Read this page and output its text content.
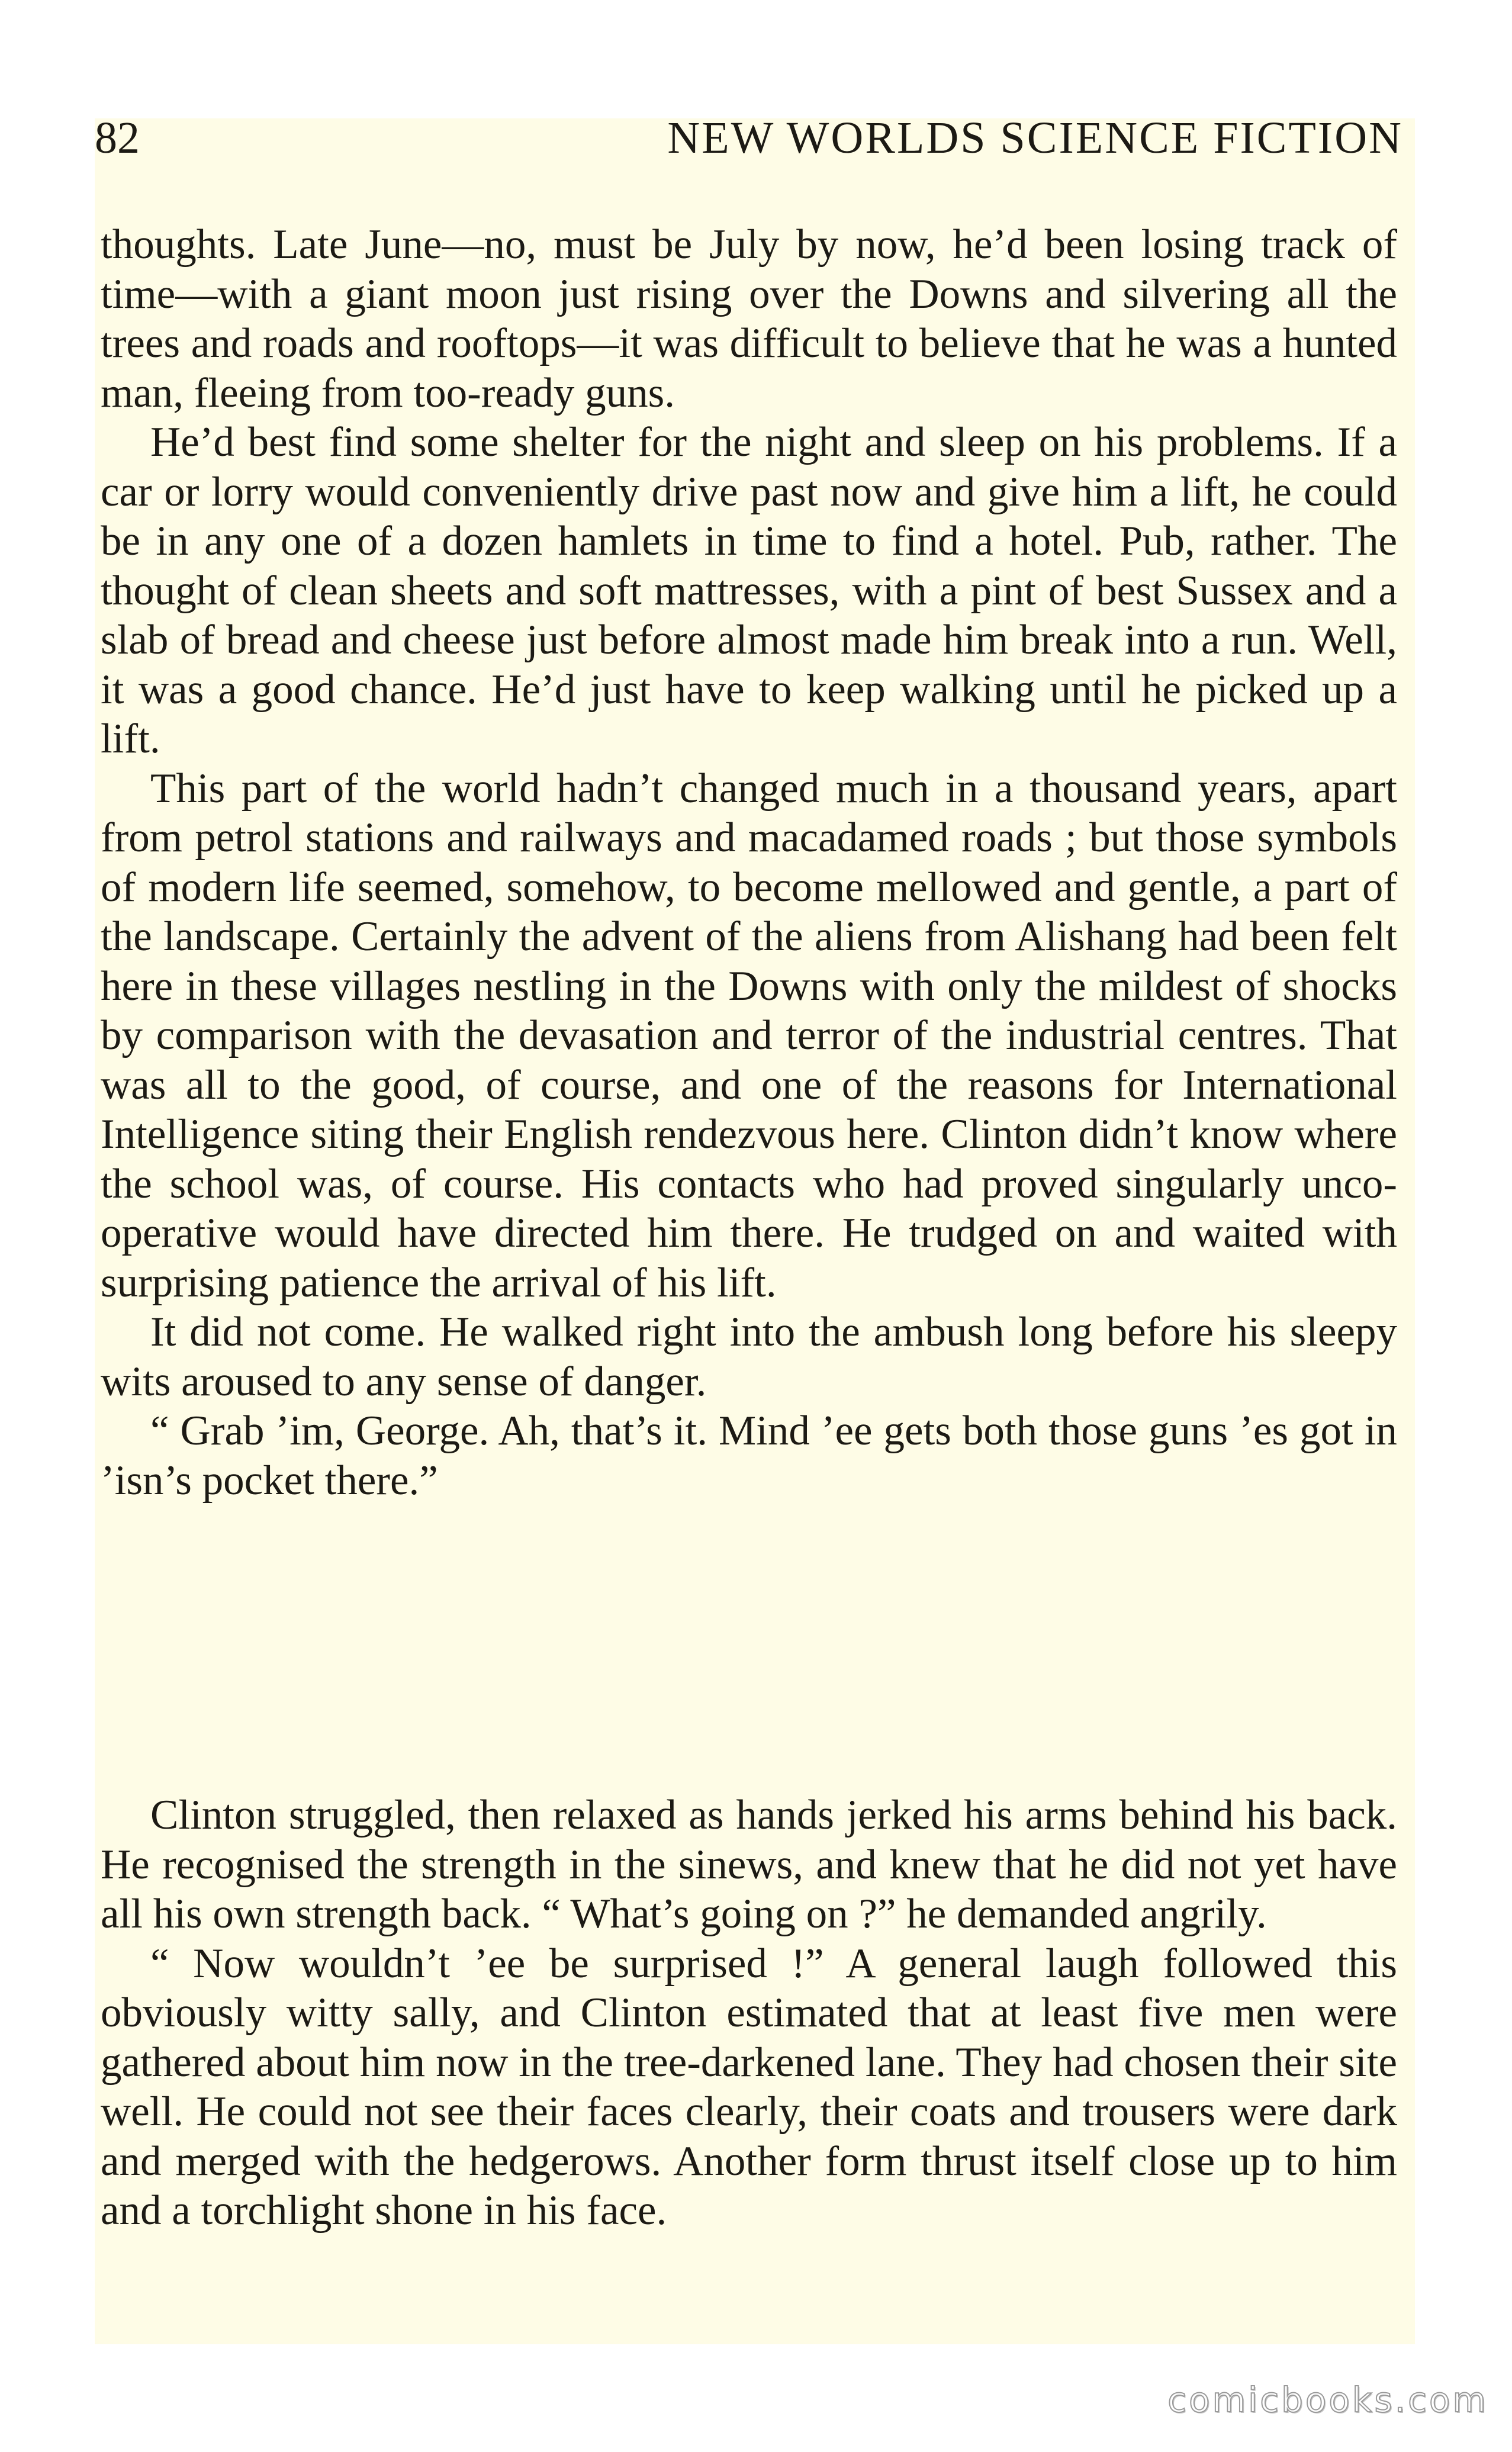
82	NEW WORLDS SCIENCE FICTION

thoughts. Late June—no, must be July by now, he’d been losing track of time—with a giant moon just rising over the Downs and silvering all the trees and roads and rooftops—it was difficult to believe that he was a hunted man, fleeing from too-ready guns.

He’d best find some shelter for the night and sleep on his problems. If a car or lorry would conveniently drive past now and give him a lift, he could be in any one of a dozen hamlets in time to find a hotel. Pub, rather. The thought of clean sheets and soft mattresses, with a pint of best Sussex and a slab of bread and cheese just before almost made him break into a run. Well, it was a good chance. He’d just have to keep walking until he picked up a lift.

This part of the world hadn’t changed much in a thousand years, apart from petrol stations and railways and macadamed roads ; but those symbols of modern life seemed, somehow, to become mellowed and gentle, a part of the landscape. Certainly the advent of the aliens from Alishang had been felt here in these villages nestling in the Downs with only the mildest of shocks by comparison with the devasation and terror of the industrial centres. That was all to the good, of course, and one of the reasons for International Intelligence siting their English rendezvous here. Clinton didn’t know where the school was, of course. His contacts who had proved singularly unco-operative would have directed him there. He trudged on and waited with surprising patience the arrival of his lift.

It did not come. He walked right into the ambush long before his sleepy wits aroused to any sense of danger.

“ Grab ’im, George. Ah, that’s it. Mind ’ee gets both those guns ’es got in ’isn’s pocket there.”

Clinton struggled, then relaxed as hands jerked his arms behind his back. He recognised the strength in the sinews, and knew that he did not yet have all his own strength back. “ What’s going on ?” he demanded angrily.

“ Now wouldn’t ’ee be surprised !” A general laugh followed this obviously witty sally, and Clinton estimated that at least five men were gathered about him now in the tree-darkened lane. They had chosen their site well. He could not see their faces clearly, their coats and trousers were dark and merged with the hedgerows. Another form thrust itself close up to him and a torchlight shone in his face.

comicbooks.com
